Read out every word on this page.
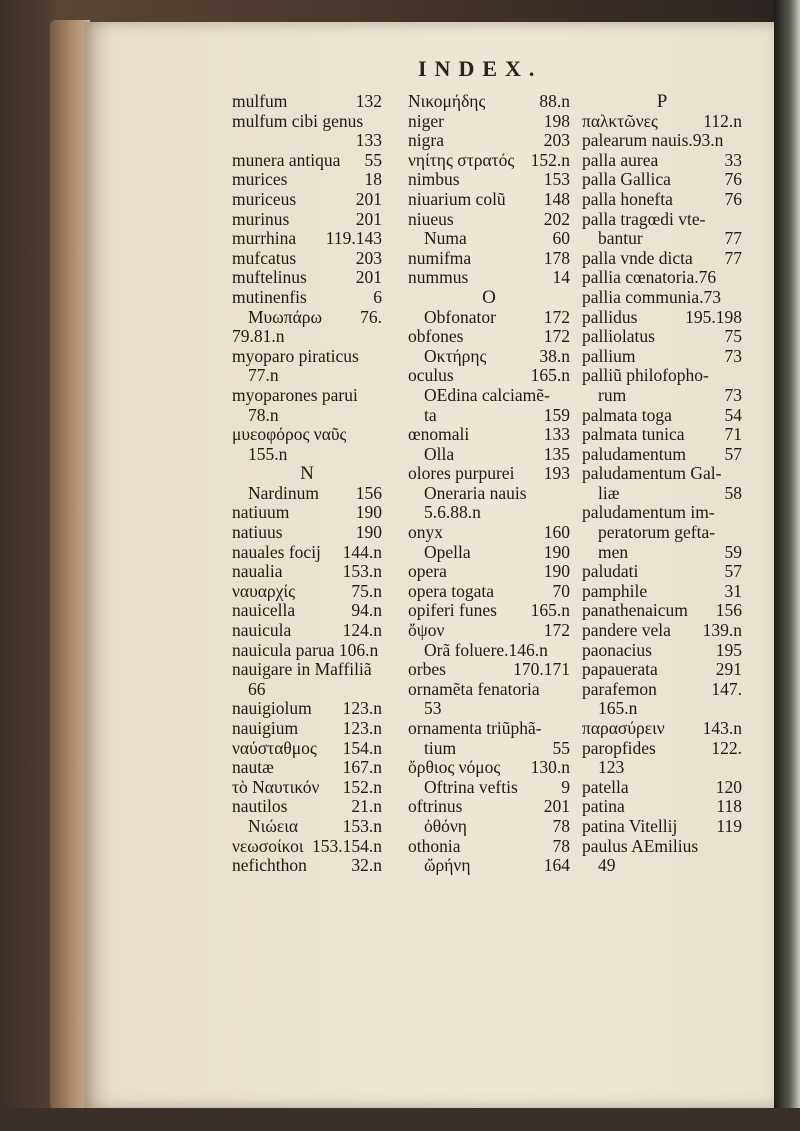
INDEX.
mulfum	132
mulfum cibi genus
133
munera antiqua 55
murices	18
muriceus	201
murinus	201
murrhina 119.143
mufcatus	203
muftelinus	201
mutinenfis	6
Μυωπάρω 76.
79.81.n
myoparo piraticus
77.n
myoparones parui
78.n
μυεοφόρος ναῦς
155.n
N
Nardinum 156
natiuum	190
natiuus	190
nauales focij 144.n
naualia	153.n
ναυαρχίς	75.n
nauicella	94.n
nauicula	124.n
nauicula parua 106.n
nauigare in Maffiliã
66
nauigiolum 123.n
nauigium	123.n
ναύσταθμος 154.n
nautæ	167.n
τὸ Ναυτικόν 152.n
nautilos	21.n
Νιώεια	153.n
νεωσοίκοι 153.154.n
nefichthon	32.n
Νικομήδης	88.n
niger	198
nigra	203
νηίτης στρατός 152.n
nimbus	153
niuarium colũ 148
niueus	202
Numa	60
numifma	178
nummus	14
O
Obfonator	172
obfones	172
Οκτήρης	38.n
oculus	165.n
OEdina calciamẽ-
ta	159
œnomali	133
Olla	135
olores purpurei 193
Oneraria nauis
5.6.88.n
onyx	160
Opella	190
opera	190
opera togata	70
opiferi funes 165.n
ὄψον	172
Orã foluere.146.n
orbes	170.171
ornamẽta fenatoria
53
ornamenta triũphã-
tium	55
ὄρθιος νόμος 130.n
Oftrina veftis 9
oftrinus	201
ὀθόνη	78
othonia	78
ὤρήνη	164
P
παλκτῶνες	112.n
palearum nauis.93.n
palla aurea	33
palla Gallica	76
palla honefta	76
palla tragœdi vte-
bantur	77
palla vnde dicta 77
pallia cœnatoria.76
pallia communia.73
pallidus	195.198
palliolatus	75
pallium	73
palliũ philofopho-
rum	73
palmata toga	54
palmata tunica 71
paludamentum 57
paludamentum Gal-
liæ	58
paludamentum im-
peratorum gefta-
men	59
paludati	57
pamphile	31
panathenaicum 156
pandere vela 139.n
paonacius	195
papauerata	291
parafemon	147.
165.n
παρασύρειν 143.n
paropfides	122.
123
patella	120
patina	118
patina Vitellij 119
paulus AEmilius
49
